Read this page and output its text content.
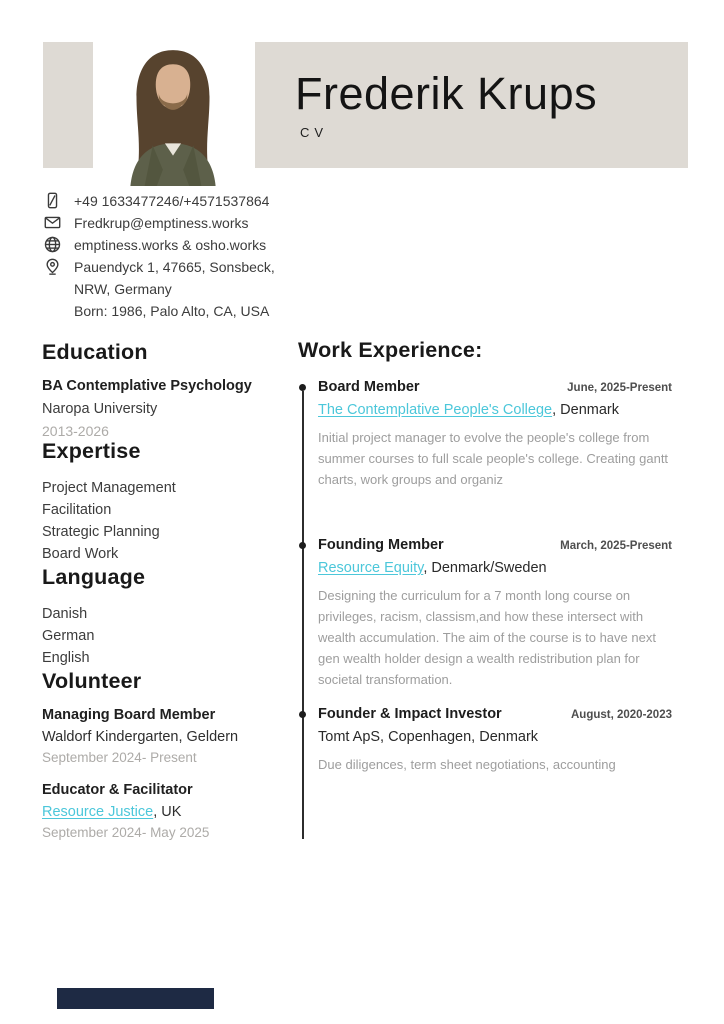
Frederik Krups
CV
+49 1633477246/+4571537864
Fredkrup@emptiness.works
emptiness.works & osho.works
Pauendyck 1, 47665, Sonsbeck,
NRW, Germany
Born: 1986, Palo Alto, CA, USA
Education
BA Contemplative Psychology
Naropa University
2013-2026
Expertise
Project Management
Facilitation
Strategic Planning
Board Work
Language
Danish
German
English
Volunteer
Managing Board Member
Waldorf Kindergarten, Geldern
September 2024- Present
Educator & Facilitator
Resource Justice, UK
September 2024- May 2025
Work Experience:
Board Member	June, 2025-Present
The Contemplative People's College, Denmark

Initial project manager to evolve the people's college from summer courses to full scale people's college. Creating gantt charts, work groups and organiz

Founding Member	March, 2025-Present
Resource Equity, Denmark/Sweden

Designing the curriculum for a 7 month long course on privileges, racism, classism,and how these intersect with wealth accumulation. The aim of the course is to have next gen wealth holder design a wealth redistribution plan for societal transformation.

Founder & Impact Investor	August, 2020-2023
Tomt ApS, Copenhagen, Denmark

Due diligences, term sheet negotiations, accounting
